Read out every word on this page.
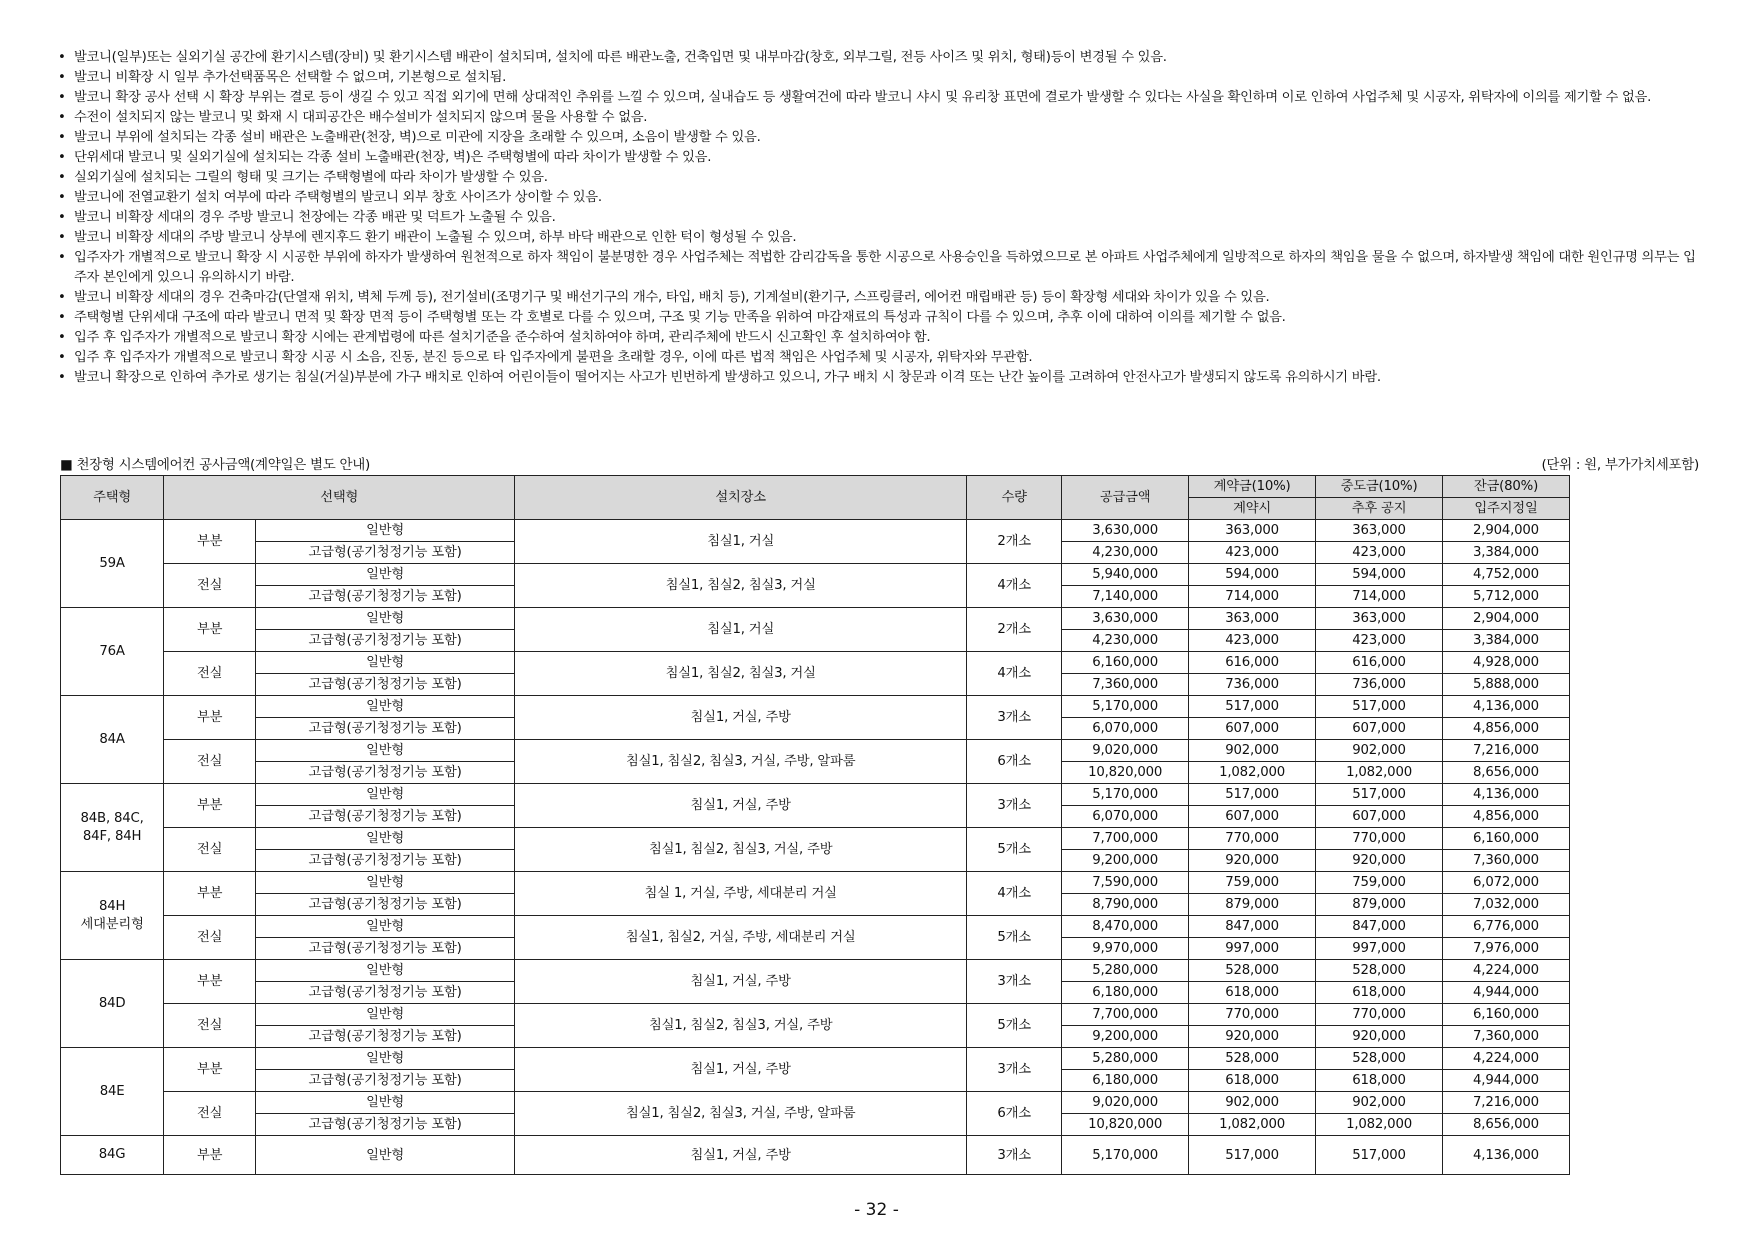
• 발코니(일부)또는 실외기실 공간에 환기시스템(장비) 및 환기시스템 배관이 설치되며, 설치에 따른 배관노출, 건축입면 및 내부마감(창호, 외부그릴, 전등 사이즈 및 위치, 형태)등이 변경될 수 있음.
• 발코니 비확장 시 일부 추가선택품목은 선택할 수 없으며, 기본형으로 설치됨.
• 발코니 확장 공사 선택 시 확장 부위는 결로 등이 생길 수 있고 직접 외기에 면해 상대적인 추위를 느낄 수 있으며, 실내습도 등 생활여건에 따라 발코니 샤시 및 유리창 표면에 결로가 발생할 수 있다는 사실을 확인하며 이로 인하여 사업주체 및 시공자, 위탁자에 이의를 제기할 수 없음.
• 수전이 설치되지 않는 발코니 및 화재 시 대피공간은 배수설비가 설치되지 않으며 물을 사용할 수 없음.
• 발코니 부위에 설치되는 각종 설비 배관은 노출배관(천장, 벽)으로 미관에 지장을 초래할 수 있으며, 소음이 발생할 수 있음.
• 단위세대 발코니 및 실외기실에 설치되는 각종 설비 노출배관(천장, 벽)은 주택형별에 따라 차이가 발생할 수 있음.
• 실외기실에 설치되는 그릴의 형태 및 크기는 주택형별에 따라 차이가 발생할 수 있음.
• 발코니에 전열교환기 설치 여부에 따라 주택형별의 발코니 외부 창호 사이즈가 상이할 수 있음.
• 발코니 비확장 세대의 경우 주방 발코니 천장에는 각종 배관 및 덕트가 노출될 수 있음.
• 발코니 비확장 세대의 주방 발코니 상부에 렌지후드 환기 배관이 노출될 수 있으며, 하부 바닥 배관으로 인한 턱이 형성될 수 있음.
• 입주자가 개별적으로 발코니 확장 시 시공한 부위에 하자가 발생하여 원천적으로 하자 책임이 불분명한 경우 사업주체는 적법한 감리감독을 통한 시공으로 사용승인을 득하였으므로 본 아파트 사업주체에게 일방적으로 하자의 책임을 물을 수 없으며, 하자발생 책임에 대한 원인규명 의무는 입주자 본인에게 있으니 유의하시기 바람.
• 발코니 비확장 세대의 경우 건축마감(단열재 위치, 벽체 두께 등), 전기설비(조명기구 및 배선기구의 개수, 타입, 배치 등), 기계설비(환기구, 스프링클러, 에어컨 매립배관 등) 등이 확장형 세대와 차이가 있을 수 있음.
• 주택형별 단위세대 구조에 따라 발코니 면적 및 확장 면적 등이 주택형별 또는 각 호별로 다를 수 있으며, 구조 및 기능 만족을 위하여 마감재료의 특성과 규칙이 다를 수 있으며, 추후 이에 대하여 이의를 제기할 수 없음.
• 입주 후 입주자가 개별적으로 발코니 확장 시에는 관계법령에 따른 설치기준을 준수하여 설치하여야 하며, 관리주체에 반드시 신고확인 후 설치하여야 함.
• 입주 후 입주자가 개별적으로 발코니 확장 시공 시 소음, 진동, 분진 등으로 타 입주자에게 불편을 초래할 경우, 이에 따른 법적 책임은 사업주체 및 시공자, 위탁자와 무관함.
• 발코니 확장으로 인하여 추가로 생기는 침실(거실)부분에 가구 배치로 인하여 어린이들이 떨어지는 사고가 빈번하게 발생하고 있으니, 가구 배치 시 창문과 이격 또는 난간 높이를 고려하여 안전사고가 발생되지 않도록 유의하시기 바람.
■ 천장형 시스템에어컨 공사금액(계약일은 별도 안내)	(단위 : 원, 부가가치세포함)
주택형	선택형		설치장소	수량	공급금액	계약금(10%)	중도금(10%)	잔금(80%)
						계약시	추후 공지	입주지정일
59A	부분	일반형	침실1, 거실	2개소	3,630,000	363,000	363,000	2,904,000
		고급형(공기청정기능 포함)			4,230,000	423,000	423,000	3,384,000
	전실	일반형	침실1, 침실2, 침실3, 거실	4개소	5,940,000	594,000	594,000	4,752,000
		고급형(공기청정기능 포함)			7,140,000	714,000	714,000	5,712,000
76A	부분	일반형	침실1, 거실	2개소	3,630,000	363,000	363,000	2,904,000
		고급형(공기청정기능 포함)			4,230,000	423,000	423,000	3,384,000
	전실	일반형	침실1, 침실2, 침실3, 거실	4개소	6,160,000	616,000	616,000	4,928,000
		고급형(공기청정기능 포함)			7,360,000	736,000	736,000	5,888,000
84A	부분	일반형	침실1, 거실, 주방	3개소	5,170,000	517,000	517,000	4,136,000
		고급형(공기청정기능 포함)			6,070,000	607,000	607,000	4,856,000
	전실	일반형	침실1, 침실2, 침실3, 거실, 주방, 알파룸	6개소	9,020,000	902,000	902,000	7,216,000
		고급형(공기청정기능 포함)			10,820,000	1,082,000	1,082,000	8,656,000
84B, 84C,
84F, 84H	부분	일반형	침실1, 거실, 주방	3개소	5,170,000	517,000	517,000	4,136,000
		고급형(공기청정기능 포함)			6,070,000	607,000	607,000	4,856,000
	전실	일반형	침실1, 침실2, 침실3, 거실, 주방	5개소	7,700,000	770,000	770,000	6,160,000
		고급형(공기청정기능 포함)			9,200,000	920,000	920,000	7,360,000
84H
세대분리형	부분	일반형	침실 1, 거실, 주방, 세대분리 거실	4개소	7,590,000	759,000	759,000	6,072,000
		고급형(공기청정기능 포함)			8,790,000	879,000	879,000	7,032,000
	전실	일반형	침실1, 침실2, 거실, 주방, 세대분리 거실	5개소	8,470,000	847,000	847,000	6,776,000
		고급형(공기청정기능 포함)			9,970,000	997,000	997,000	7,976,000
84D	부분	일반형	침실1, 거실, 주방	3개소	5,280,000	528,000	528,000	4,224,000
		고급형(공기청정기능 포함)			6,180,000	618,000	618,000	4,944,000
	전실	일반형	침실1, 침실2, 침실3, 거실, 주방	5개소	7,700,000	770,000	770,000	6,160,000
		고급형(공기청정기능 포함)			9,200,000	920,000	920,000	7,360,000
84E	부분	일반형	침실1, 거실, 주방	3개소	5,280,000	528,000	528,000	4,224,000
		고급형(공기청정기능 포함)			6,180,000	618,000	618,000	4,944,000
	전실	일반형	침실1, 침실2, 침실3, 거실, 주방, 알파룸	6개소	9,020,000	902,000	902,000	7,216,000
		고급형(공기청정기능 포함)			10,820,000	1,082,000	1,082,000	8,656,000
84G	부분	일반형	침실1, 거실, 주방	3개소	5,170,000	517,000	517,000	4,136,000
- 32 -
